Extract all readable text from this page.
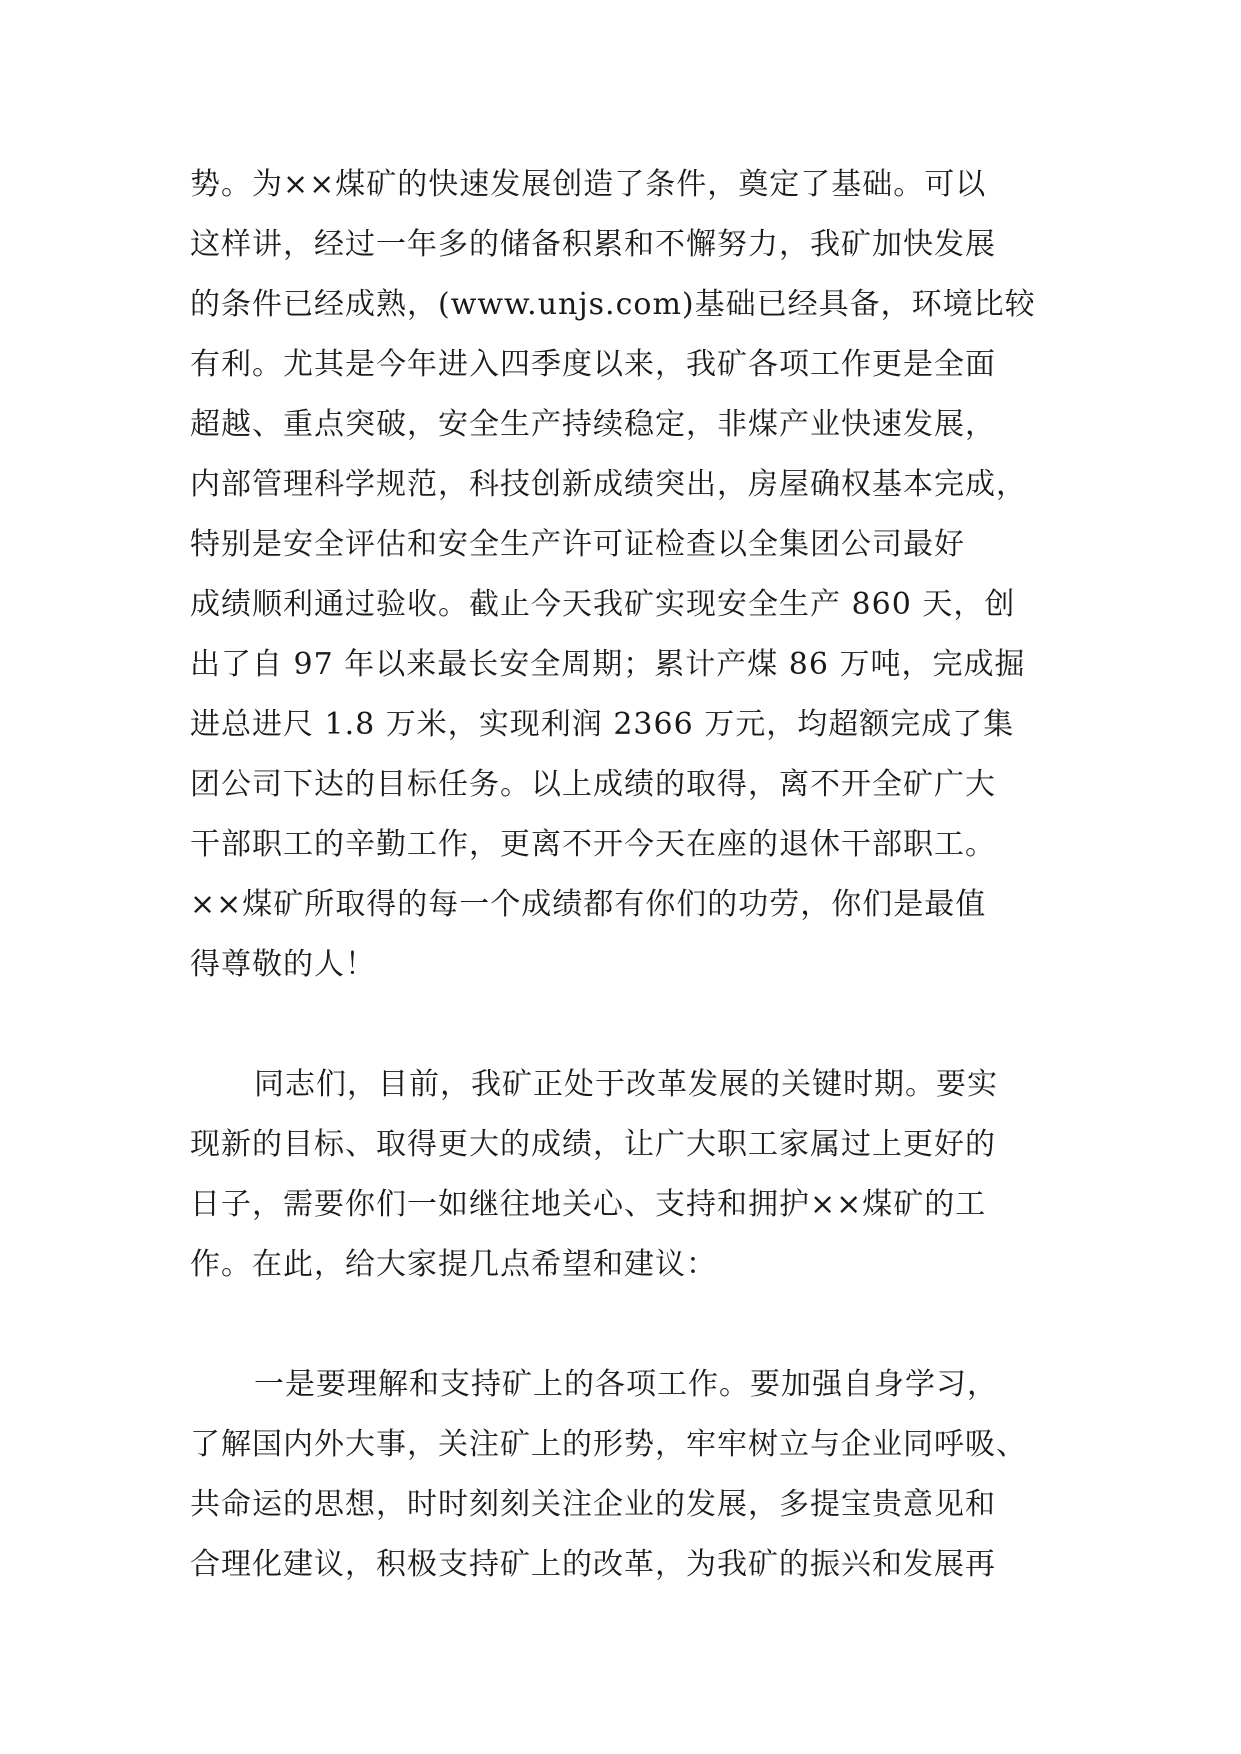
势。为××煤矿的快速发展创造了条件，奠定了基础。可以
这样讲，经过一年多的储备积累和不懈努力，我矿加快发展
的条件已经成熟，(www.unjs.com)基础已经具备，环境比较
有利。尤其是今年进入四季度以来，我矿各项工作更是全面
超越、重点突破，安全生产持续稳定，非煤产业快速发展，
内部管理科学规范，科技创新成绩突出，房屋确权基本完成，
特别是安全评估和安全生产许可证检查以全集团公司最好
成绩顺利通过验收。截止今天我矿实现安全生产 860 天，创
出了自 97 年以来最长安全周期；累计产煤 86 万吨，完成掘
进总进尺 1.8 万米，实现利润 2366 万元，均超额完成了集
团公司下达的目标任务。以上成绩的取得，离不开全矿广大
干部职工的辛勤工作，更离不开今天在座的退休干部职工。
××煤矿所取得的每一个成绩都有你们的功劳，你们是最值
得尊敬的人！
同志们，目前，我矿正处于改革发展的关键时期。要实
现新的目标、取得更大的成绩，让广大职工家属过上更好的
日子，需要你们一如继往地关心、支持和拥护××煤矿的工
作。在此，给大家提几点希望和建议：
一是要理解和支持矿上的各项工作。要加强自身学习，
了解国内外大事，关注矿上的形势，牢牢树立与企业同呼吸、
共命运的思想，时时刻刻关注企业的发展，多提宝贵意见和
合理化建议，积极支持矿上的改革，为我矿的振兴和发展再
